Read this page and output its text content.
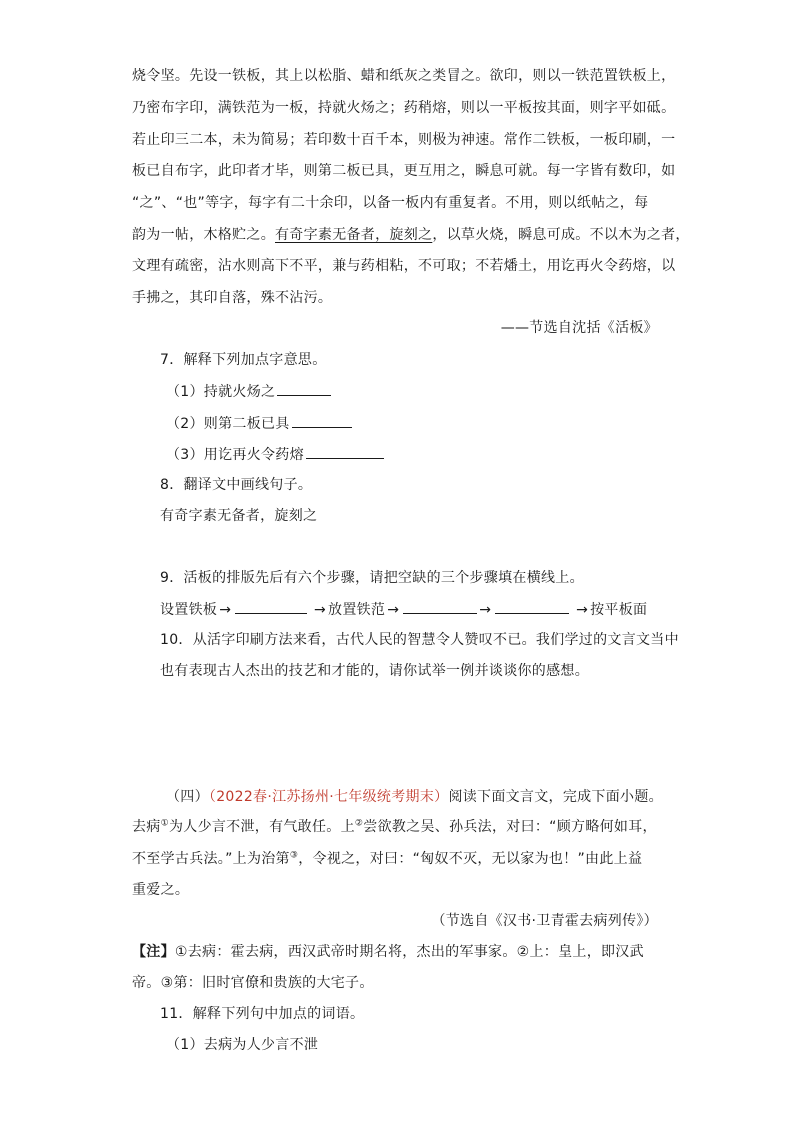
烧令坚。先设一铁板，其上以松脂、蜡和纸灰之类冒之。欲印，则以一铁范置铁板上，
乃密布字印，满铁范为一板，持就火炀之；药稍熔，则以一平板按其面，则字平如砥。
若止印三二本，未为简易；若印数十百千本，则极为神速。常作二铁板，一板印刷，一
板已自布字，此印者才毕，则第二板已具，更互用之，瞬息可就。每一字皆有数印，如
“之”、“也”等字，每字有二十余印，以备一板内有重复者。不用，则以纸帖之，每
韵为一帖，木格贮之。有奇字素无备者，旋刻之，以草火烧，瞬息可成。不以木为之者，
文理有疏密，沾水则高下不平，兼与药相粘，不可取；不若燔土，用讫再火令药熔，以
手拂之，其印自落，殊不沾污。
——节选自沈括《活板》
7．解释下列加点字意思。
（1）持就火炀之
（2）则第二板已具
（3）用讫再火令药熔
8．翻译文中画线句子。
有奇字素无备者，旋刻之
9．活板的排版先后有六个步骤，请把空缺的三个步骤填在横线上。
设置铁板 →	→ 放置铁范 →	→	→ 按平板面
10．从活字印刷方法来看，古代人民的智慧令人赞叹不已。我们学过的文言文当中
也有表现古人杰出的技艺和才能的，请你试举一例并谈谈你的感想。
（四）（2022春·江苏扬州·七年级统考期末）阅读下面文言文，完成下面小题。
去病①为人少言不泄，有气敢任。上②尝欲教之吴、孙兵法，对曰：“顾方略何如耳，
不至学古兵法。”上为治第③，令视之，对曰：“匈奴不灭，无以家为也！”由此上益
重爱之。
（节选自《汉书·卫青霍去病列传》）
【注】①去病：霍去病，西汉武帝时期名将，杰出的军事家。②上：皇上，即汉武
帝。③第：旧时官僚和贵族的大宅子。
11．解释下列句中加点的词语。
（1）去病为人少言不泄
